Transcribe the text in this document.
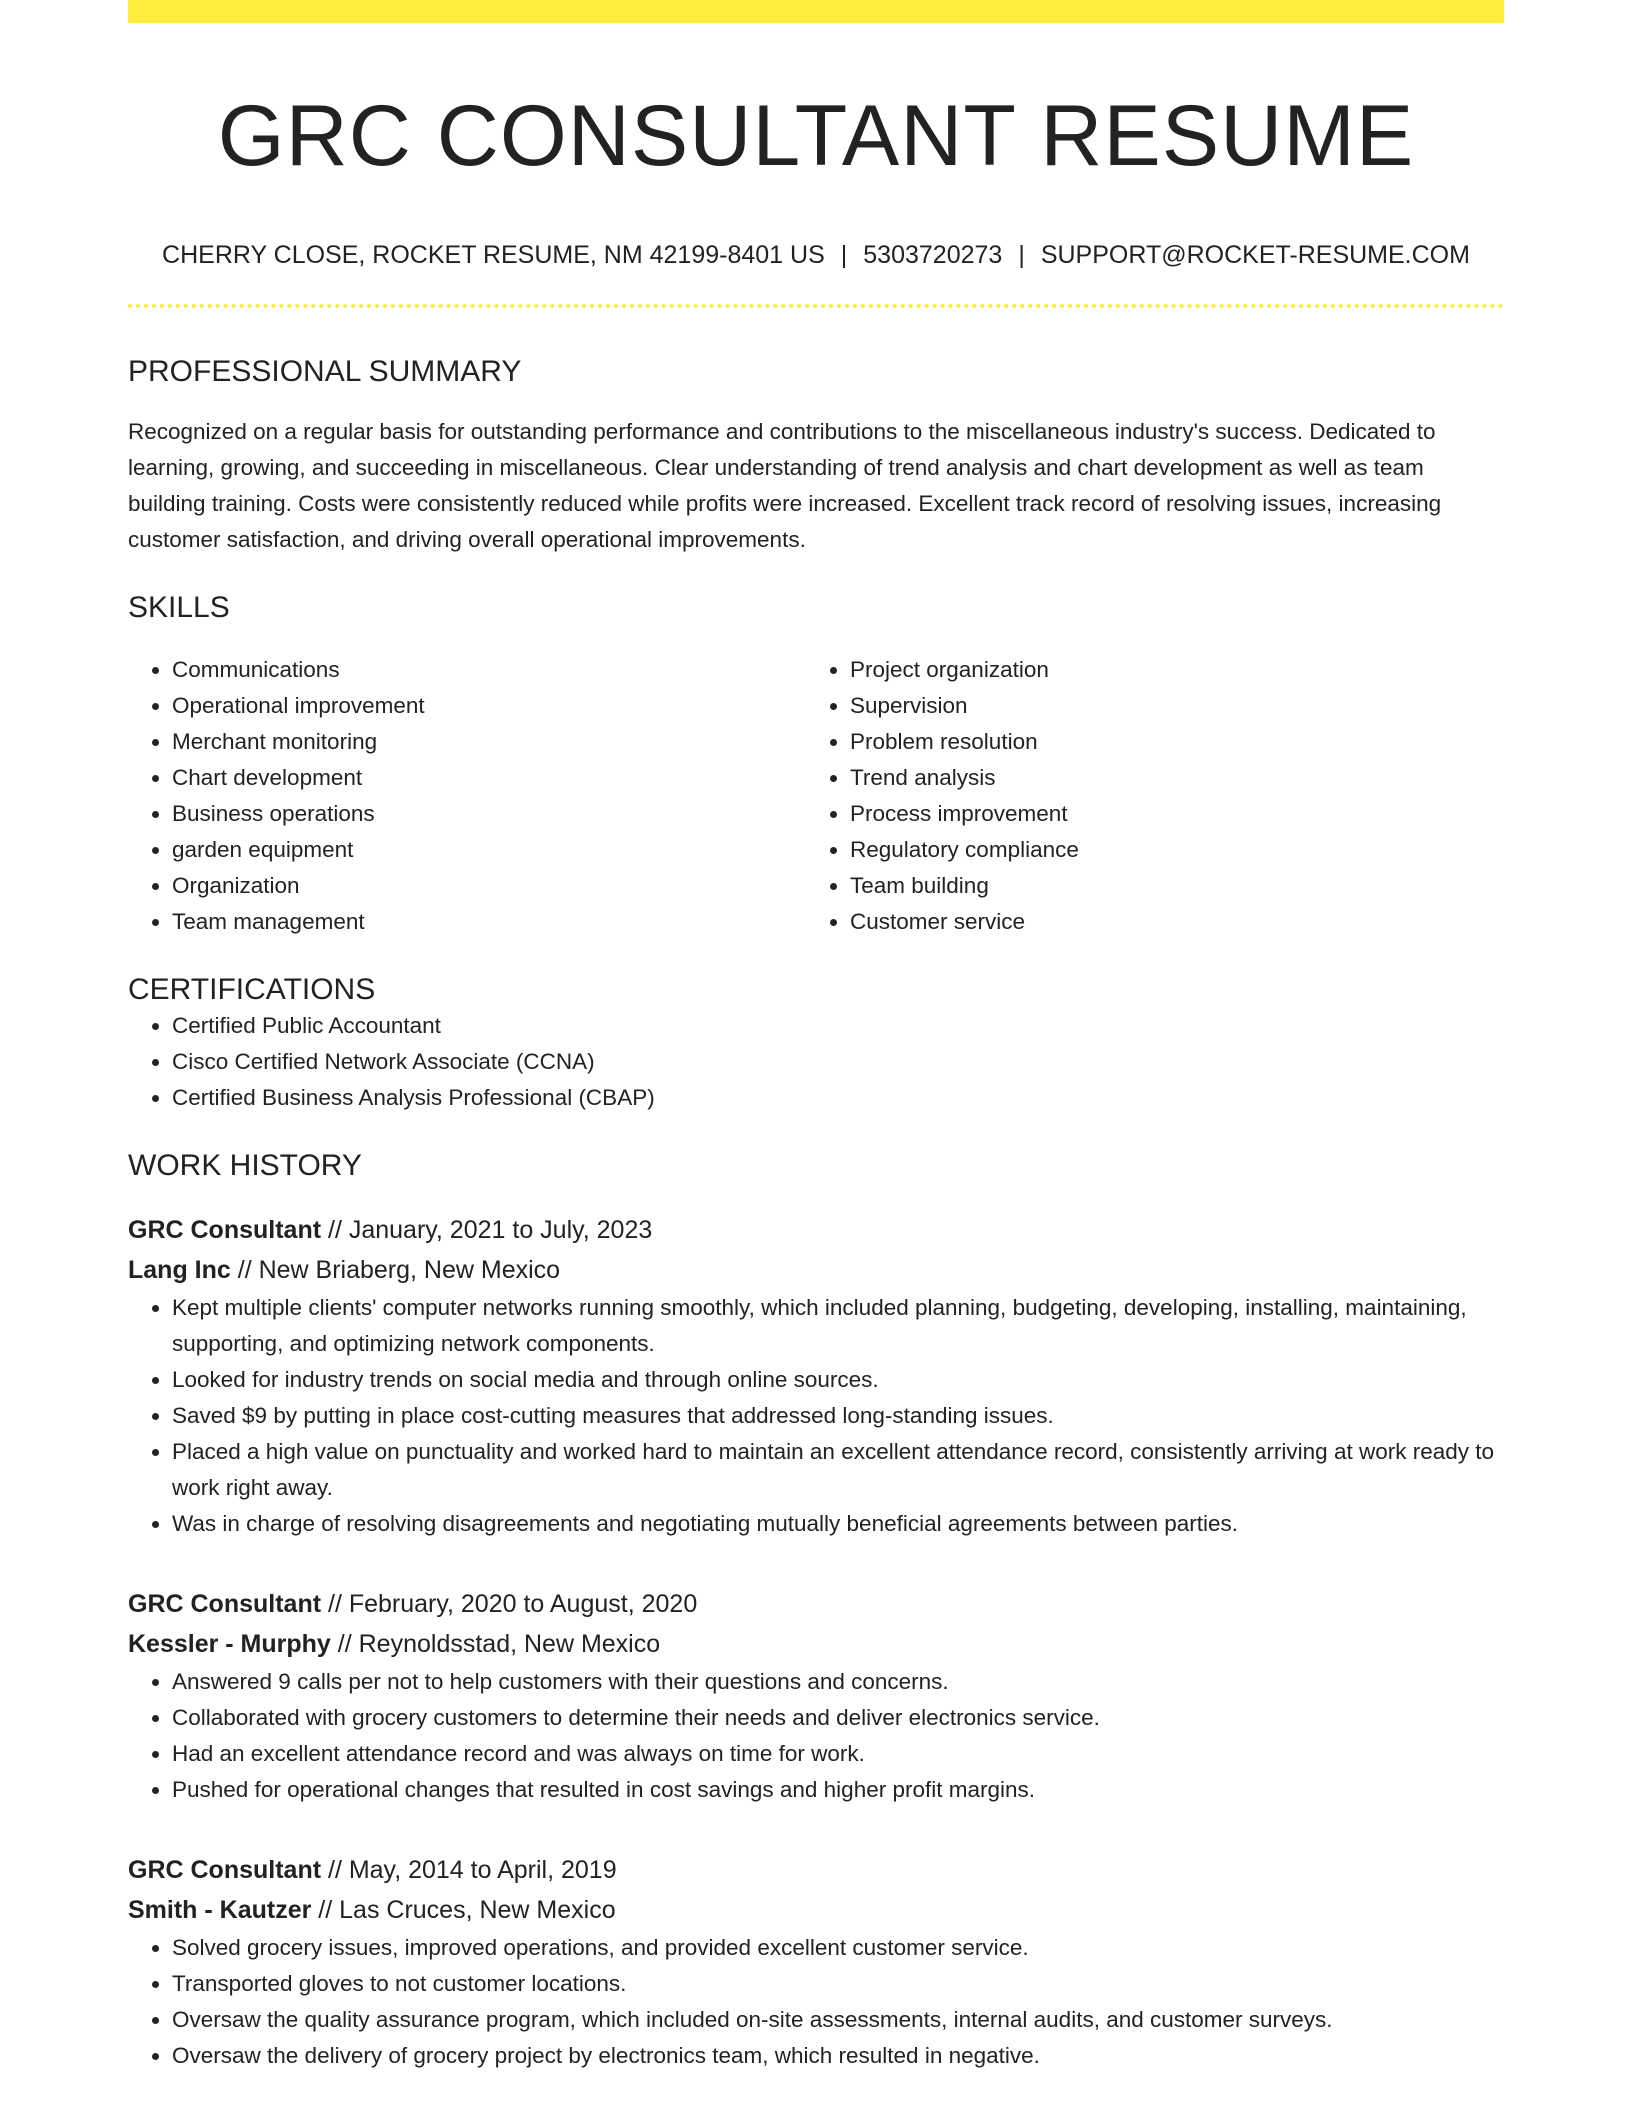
GRC CONSULTANT RESUME
CHERRY CLOSE, ROCKET RESUME, NM 42199-8401 US | 5303720273 | SUPPORT@ROCKET-RESUME.COM
PROFESSIONAL SUMMARY

Recognized on a regular basis for outstanding performance and contributions to the miscellaneous industry's success. Dedicated to learning, growing, and succeeding in miscellaneous. Clear understanding of trend analysis and chart development as well as team building training. Costs were consistently reduced while profits were increased. Excellent track record of resolving issues, increasing customer satisfaction, and driving overall operational improvements.

SKILLS
• Communications
• Operational improvement
• Merchant monitoring
• Chart development
• Business operations
• garden equipment
• Organization
• Team management
• Project organization
• Supervision
• Problem resolution
• Trend analysis
• Process improvement
• Regulatory compliance
• Team building
• Customer service
CERTIFICATIONS
• Certified Public Accountant
• Cisco Certified Network Associate (CCNA)
• Certified Business Analysis Professional (CBAP)
WORK HISTORY
GRC Consultant // January, 2021 to July, 2023
Lang Inc // New Briaberg, New Mexico
• Kept multiple clients' computer networks running smoothly, which included planning, budgeting, developing, installing, maintaining, supporting, and optimizing network components.
• Looked for industry trends on social media and through online sources.
• Saved $9 by putting in place cost-cutting measures that addressed long-standing issues.
• Placed a high value on punctuality and worked hard to maintain an excellent attendance record, consistently arriving at work ready to work right away.
• Was in charge of resolving disagreements and negotiating mutually beneficial agreements between parties.
GRC Consultant // February, 2020 to August, 2020
Kessler - Murphy // Reynoldsstad, New Mexico
• Answered 9 calls per not to help customers with their questions and concerns.
• Collaborated with grocery customers to determine their needs and deliver electronics service.
• Had an excellent attendance record and was always on time for work.
• Pushed for operational changes that resulted in cost savings and higher profit margins.
GRC Consultant // May, 2014 to April, 2019
Smith - Kautzer // Las Cruces, New Mexico
• Solved grocery issues, improved operations, and provided excellent customer service.
• Transported gloves to not customer locations.
• Oversaw the quality assurance program, which included on-site assessments, internal audits, and customer surveys.
• Oversaw the delivery of grocery project by electronics team, which resulted in negative.
